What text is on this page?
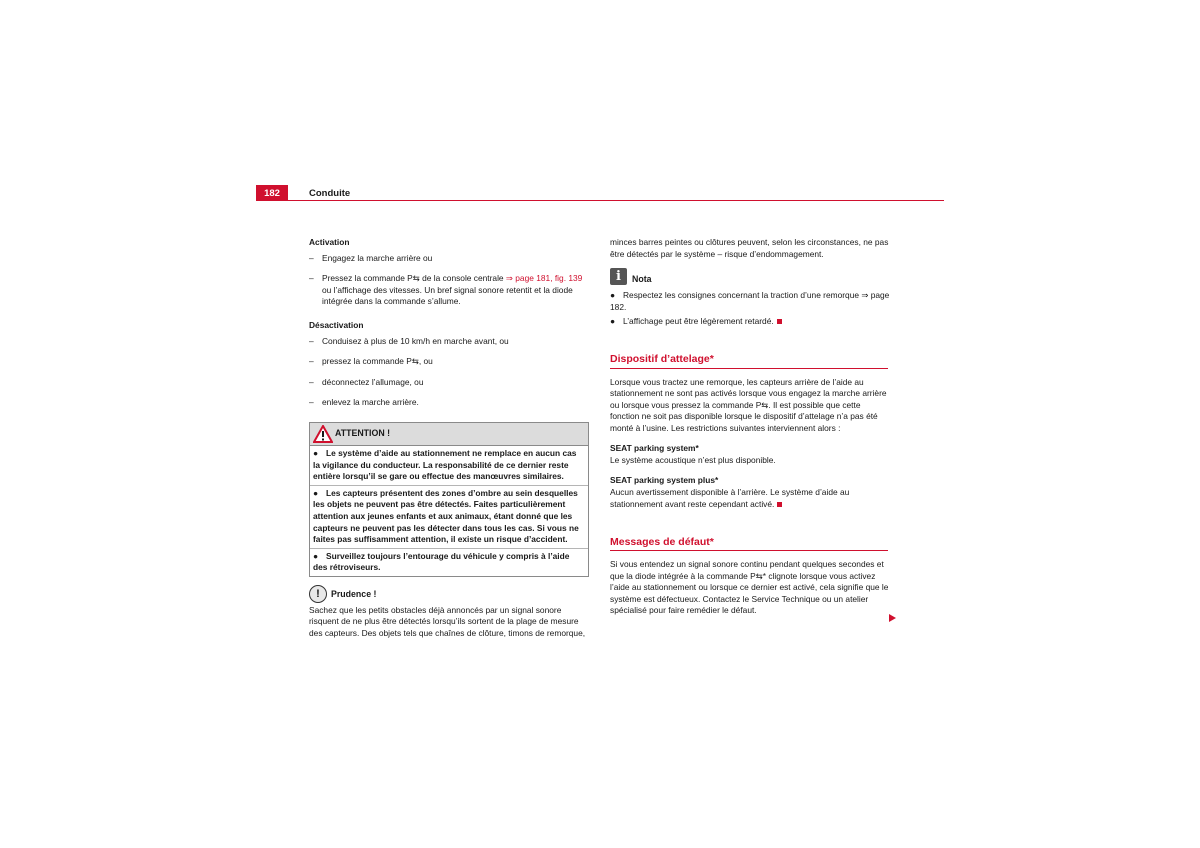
182	Conduite
Activation
– Engagez la marche arrière ou
– Pressez la commande P⇆ de la console centrale ⇒ page 181, fig. 139 ou l’affichage des vitesses. Un bref signal sonore retentit et la diode intégrée dans la commande s’allume.
Désactivation
– Conduisez à plus de 10 km/h en marche avant, ou
– pressez la commande P⇆, ou
– déconnectez l’allumage, ou
– enlevez la marche arrière.
ATTENTION !
● Le système d’aide au stationnement ne remplace en aucun cas la vigilance du conducteur. La responsabilité de ce dernier reste entière lorsqu’il se gare ou effectue des manœuvres similaires.
● Les capteurs présentent des zones d’ombre au sein desquelles les objets ne peuvent pas être détectés. Faites particulièrement attention aux jeunes enfants et aux animaux, étant donné que les capteurs ne peuvent pas les détecter dans tous les cas. Si vous ne faites pas suffisamment attention, il existe un risque d’accident.
● Surveillez toujours l’entourage du véhicule y compris à l’aide des rétroviseurs.
!	Prudence !
Sachez que les petits obstacles déjà annoncés par un signal sonore risquent de ne plus être détectés lorsqu’ils sortent de la plage de mesure des capteurs. Des objets tels que chaînes de clôture, timons de remorque,
minces barres peintes ou clôtures peuvent, selon les circonstances, ne pas être détectés par le système – risque d’endommagement.
i	Nota
● Respectez les consignes concernant la traction d’une remorque ⇒ page 182.
● L’affichage peut être légèrement retardé.
Dispositif d’attelage*
Lorsque vous tractez une remorque, les capteurs arrière de l’aide au stationnement ne sont pas activés lorsque vous engagez la marche arrière ou lorsque vous pressez la commande P⇆. Il est possible que cette fonction ne soit pas disponible lorsque le dispositif d’attelage n’a pas été monté à l’usine. Les restrictions suivantes interviennent alors :
SEAT parking system*
Le système acoustique n’est plus disponible.
SEAT parking system plus*
Aucun avertissement disponible à l’arrière. Le système d’aide au stationnement avant reste cependant activé.
Messages de défaut*
Si vous entendez un signal sonore continu pendant quelques secondes et que la diode intégrée à la commande P⇆* clignote lorsque vous activez l’aide au stationnement ou lorsque ce dernier est activé, cela signifie que le système est défectueux. Contactez le Service Technique ou un atelier spécialisé pour faire remédier le défaut.
